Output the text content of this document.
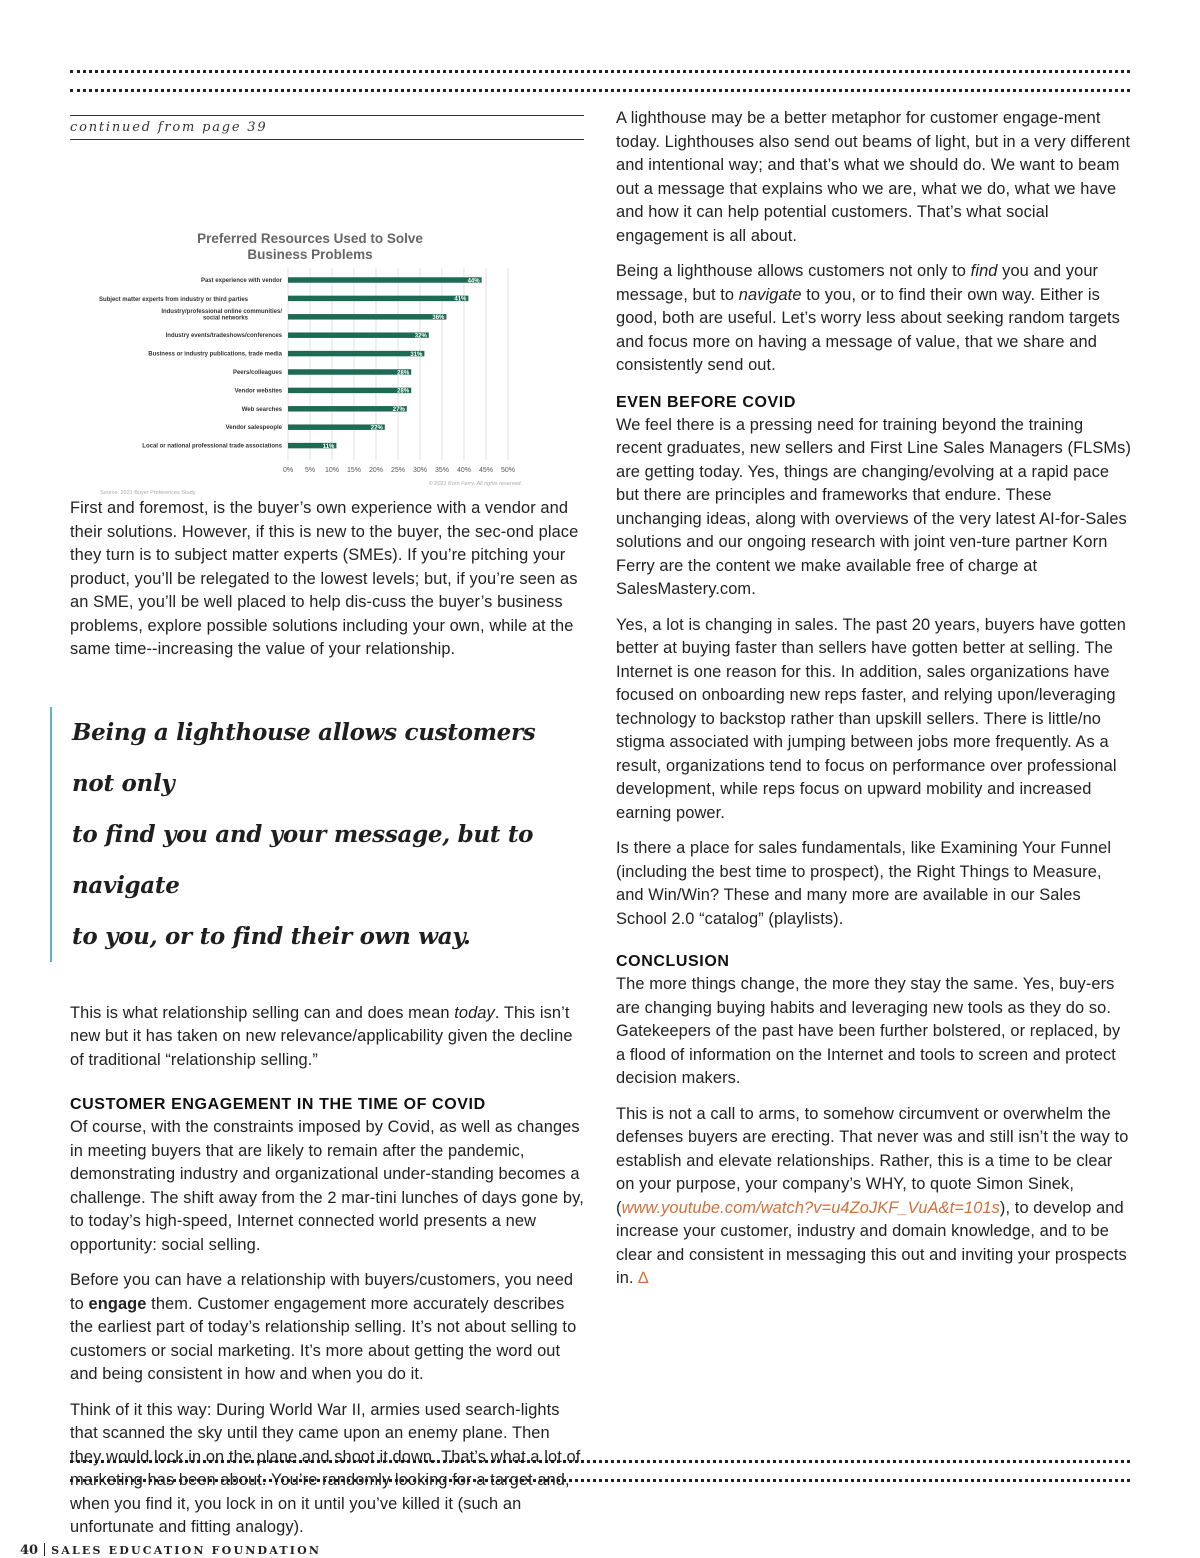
continued from page 39
Preferred Resources Used to Solve Business Problems
0% 5% 10% 15% 20% 25% 30% 35% 40% 45% 50%
44%
Past experience with vendor
41%
Subject matter experts from industry or third parties
36%
Industry/professional online communities/ social networks
32%
Industry events/tradeshows/conferences
31%
Business or industry publications, trade media
28%
Peers/colleagues
28%
Vendor websites
27%
Web searches
22%
Vendor salespeople
11%
Local or national professional trade associations
© 2021 Korn Ferry. All rights reserved.
Source: 2021 Buyer Preferences Study

First and foremost, is the buyer’s own experience with a vendor and their solutions. However, if this is new to the buyer, the sec-ond place they turn is to subject matter experts (SMEs). If you’re pitching your product, you’ll be relegated to the lowest levels; but, if you’re seen as an SME, you’ll be well placed to help dis-cuss the buyer’s business problems, explore possible solutions including your own, while at the same time--increasing the value of your relationship.

Being a lighthouse allows customers not only

to find you and your message, but to navigate

to you, or to find their own way.

This is what relationship selling can and does mean today. This isn’t new but it has taken on new relevance/applicability given the decline of traditional “relationship selling.”

CUSTOMER ENGAGEMENT IN THE TIME OF COVID

Of course, with the constraints imposed by Covid, as well as changes in meeting buyers that are likely to remain after the pandemic, demonstrating industry and organizational under-standing becomes a challenge. The shift away from the 2 mar-tini lunches of days gone by, to today’s high-speed, Internet connected world presents a new opportunity: social selling.

Before you can have a relationship with buyers/customers, you need to engage them. Customer engagement more accurately describes the earliest part of today’s relationship selling. It’s not about selling to customers or social marketing. It’s more about getting the word out and being consistent in how and when you do it.

Think of it this way: During World War II, armies used search-lights that scanned the sky until they came upon an enemy plane. Then they would lock in on the plane and shoot it down. That’s what a lot of marketing has been about. You’re randomly looking for a target and, when you find it, you lock in on it until you’ve killed it (such an unfortunate and fitting analogy).

A lighthouse may be a better metaphor for customer engage-ment today. Lighthouses also send out beams of light, but in a very different and intentional way; and that’s what we should do. We want to beam out a message that explains who we are, what we do, what we have and how it can help potential customers. That’s what social engagement is all about.

Being a lighthouse allows customers not only to find you and your message, but to navigate to you, or to find their own way. Either is good, both are useful. Let’s worry less about seeking random targets and focus more on having a message of value, that we share and consistently send out.

EVEN BEFORE COVID

We feel there is a pressing need for training beyond the training recent graduates, new sellers and First Line Sales Managers (FLSMs) are getting today. Yes, things are changing/evolving at a rapid pace but there are principles and frameworks that endure. These unchanging ideas, along with overviews of the very latest AI-for-Sales solutions and our ongoing research with joint ven-ture partner Korn Ferry are the content we make available free of charge at SalesMastery.com.

Yes, a lot is changing in sales. The past 20 years, buyers have gotten better at buying faster than sellers have gotten better at selling. The Internet is one reason for this. In addition, sales organizations have focused on onboarding new reps faster, and relying upon/leveraging technology to backstop rather than upskill sellers. There is little/no stigma associated with jumping between jobs more frequently. As a result, organizations tend to focus on performance over professional development, while reps focus on upward mobility and increased earning power.

Is there a place for sales fundamentals, like Examining Your Funnel (including the best time to prospect), the Right Things to Measure, and Win/Win? These and many more are available in our Sales School 2.0 “catalog” (playlists).

CONCLUSION

The more things change, the more they stay the same. Yes, buy-ers are changing buying habits and leveraging new tools as they do so. Gatekeepers of the past have been further bolstered, or replaced, by a flood of information on the Internet and tools to screen and protect decision makers.

This is not a call to arms, to somehow circumvent or overwhelm the defenses buyers are erecting. That never was and still isn’t the way to establish and elevate relationships. Rather, this is a time to be clear on your purpose, your company’s WHY, to quote Simon Sinek, (www.youtube.com/watch?v=u4ZoJKF_VuA&t=101s), to develop and increase your customer, industry and domain knowledge, and to be clear and consistent in messaging this out and inviting your prospects in. ∆

40 SALES EDUCATION FOUNDATION
